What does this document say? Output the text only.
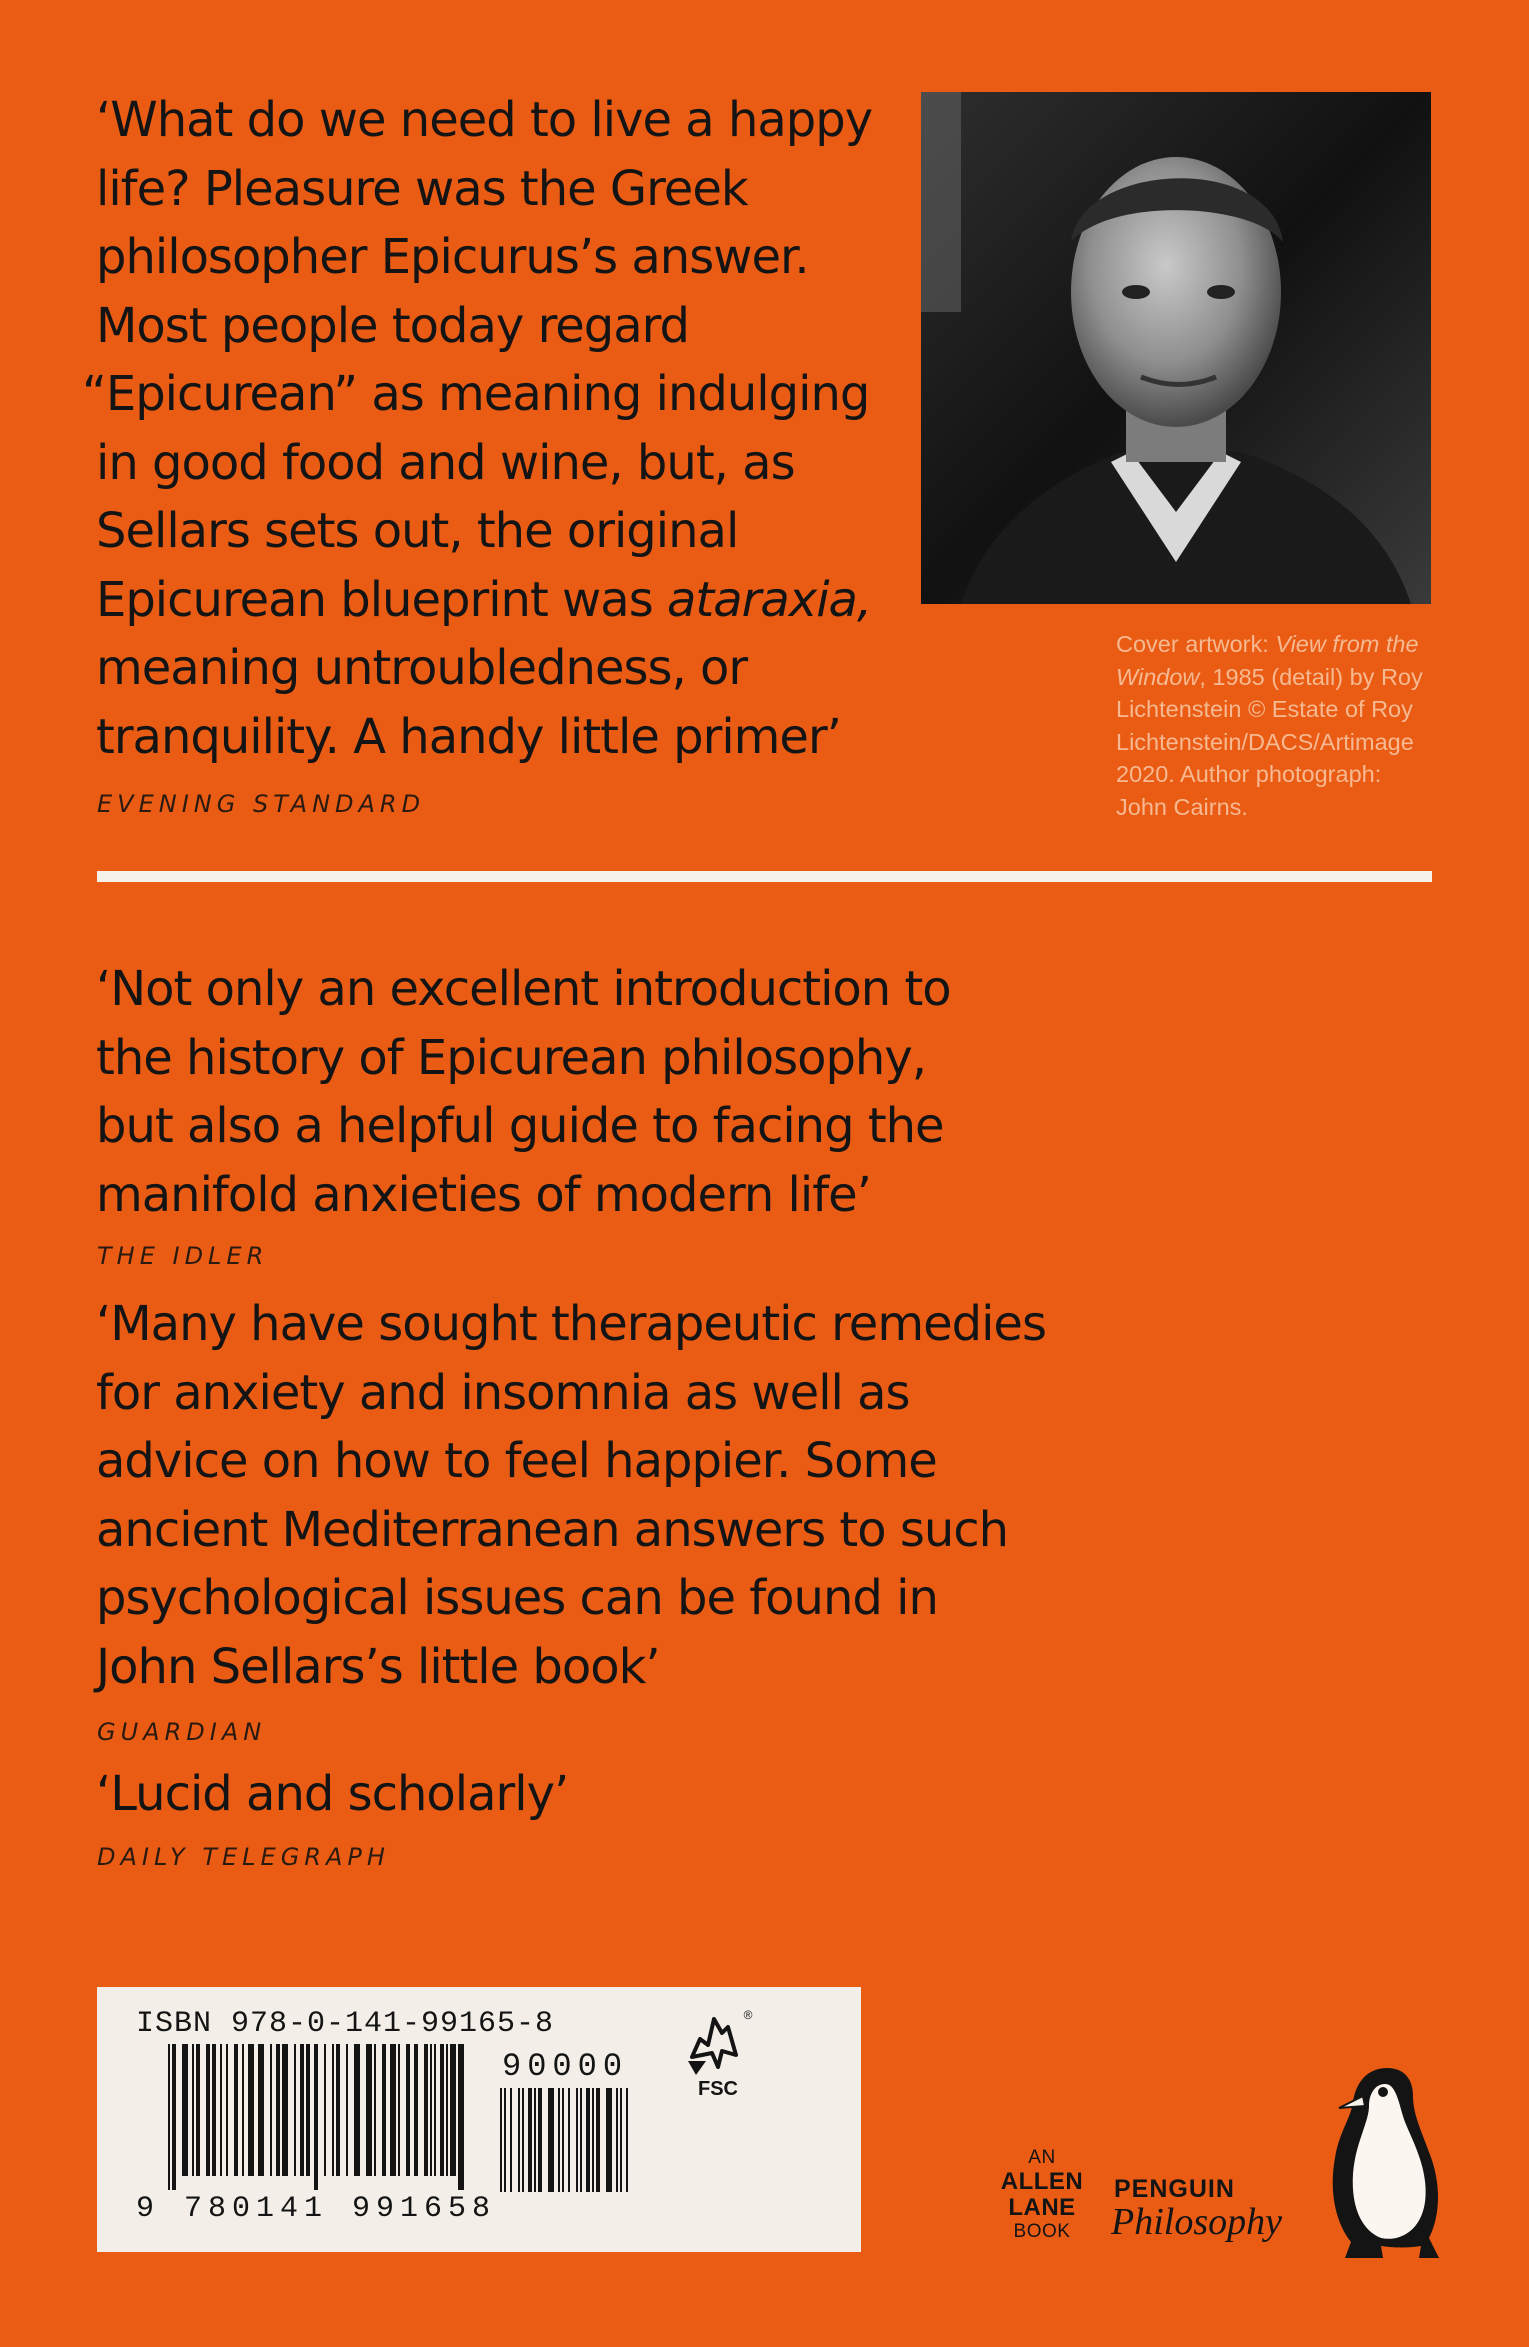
‘What do we need to live a happy
life? Pleasure was the Greek
philosopher Epicurus’s answer.
Most people today regard
“Epicurean” as meaning indulging
in good food and wine, but, as
Sellars sets out, the original
Epicurean blueprint was ataraxia,
meaning untroubledness, or
tranquility. A handy little primer’
EVENING STANDARD
Cover artwork: View from the
Window, 1985 (detail) by Roy
Lichtenstein © Estate of Roy
Lichtenstein/DACS/Artimage
2020. Author photograph:
John Cairns.
‘Not only an excellent introduction to
the history of Epicurean philosophy,
but also a helpful guide to facing the
manifold anxieties of modern life’
THE IDLER
‘Many have sought therapeutic remedies
for anxiety and insomnia as well as
advice on how to feel happier. Some
ancient Mediterranean answers to such
psychological issues can be found in
John Sellars’s little book’
GUARDIAN
‘Lucid and scholarly’
DAILY TELEGRAPH
ISBN 978-0-141-99165-8
90000
9 780141 991658
FSC
®
AN
ALLEN
LANE
BOOK
PENGUIN
Philosophy
